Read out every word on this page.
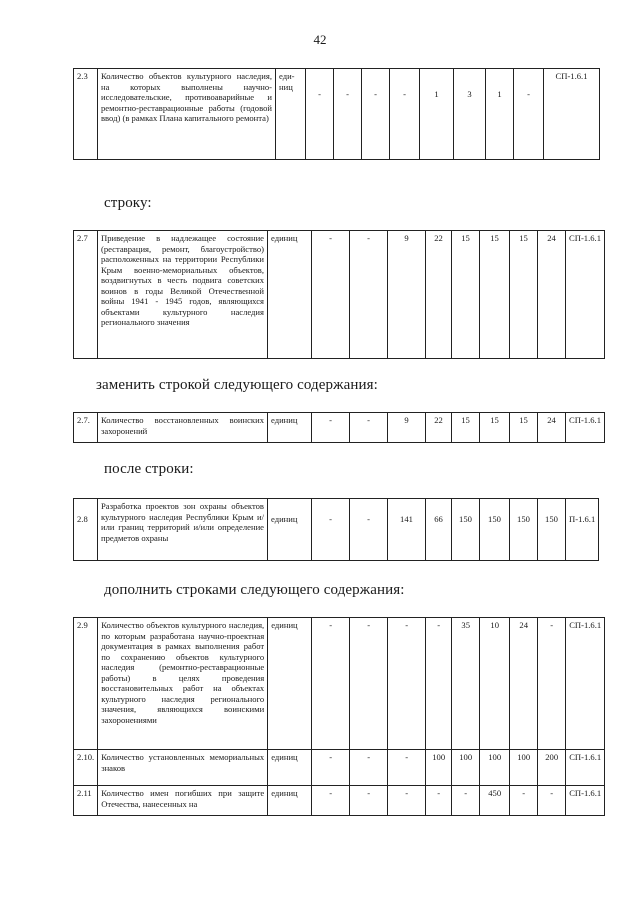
42
2.3	Количество объектов культурного наследия, на которых выполнены научно-исследовательские, противоаварийные и ремонтно-реставрационные работы (годовой ввод) (в рамках Плана капитального ремонта)	еди-ниц	-	-	-	-	1	3	1	-	СП-1.6.1
строку:
2.7	Приведение в надлежащее состояние (реставрация, ремонт, благоустройство) расположенных на территории Республики Крым военно-мемориальных объектов, воздвигнутых в честь подвига советских воинов в годы Великой Отечественной войны 1941 - 1945 годов, являющихся объектами культурного наследия регионального значения	единиц	-	-	9	22	15	15	15	24	СП-1.6.1
заменить строкой следующего содержания:
2.7.	Количество восстановленных воинских захоронений	единиц	-	-	9	22	15	15	15	24	СП-1.6.1
после строки:
2.8	Разработка проектов зон охраны объектов культурного наследия Республики Крым и/или границ территорий и/или определение предметов охраны	единиц	-	-	141	66	150	150	150	150	П-1.6.1
дополнить строками следующего содержания:
2.9	Количество объектов культурного наследия, по которым разработана научно-проектная документация в рамках выполнения работ по сохранению объектов культурного наследия (ремонтно-реставрационные работы) в целях проведения восстановительных работ на объектах культурного наследия регионального значения, являющихся воинскими захоронениями	единиц	-	-	-	-	35	10	24	-	СП-1.6.1
2.10.	Количество установленных мемориальных знаков	единиц	-	-	-	100	100	100	100	200	СП-1.6.1
2.11	Количество имен погибших при защите Отечества, нанесенных на	единиц	-	-	-	-	-	450	-	-	СП-1.6.1
